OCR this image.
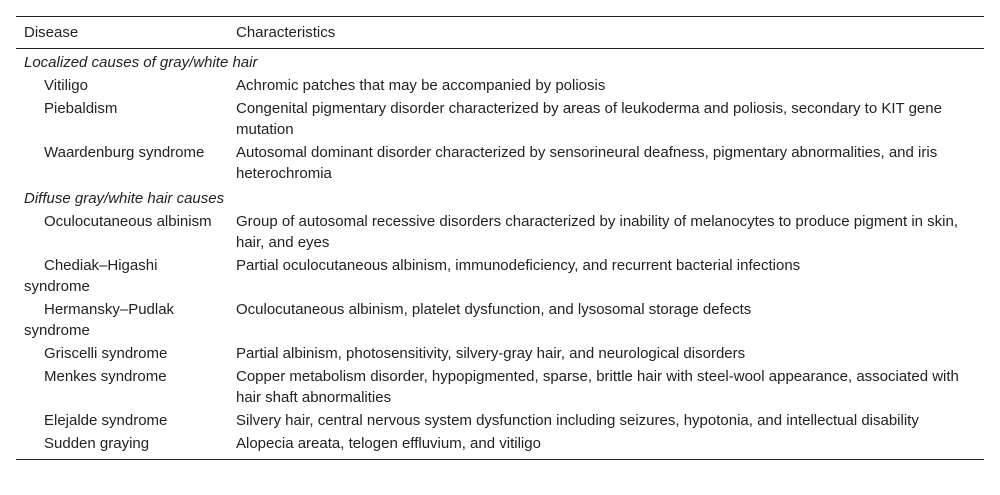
Disease	Characteristics
Localized causes of gray/white hair	
Vitiligo	Achromic patches that may be accompanied by poliosis
Piebaldism	Congenital pigmentary disorder characterized by areas of leukoderma and poliosis, secondary to KIT gene mutation
Waardenburg syndrome	Autosomal dominant disorder characterized by sensorineural deafness, pigmentary abnormalities, and iris heterochromia
Diffuse gray/white hair causes	
Oculocutaneous albinism	Group of autosomal recessive disorders characterized by inability of melanocytes to produce pigment in skin, hair, and eyes
Chediak–Higashi syndrome	Partial oculocutaneous albinism, immunodeficiency, and recurrent bacterial infections
Hermansky–Pudlak syndrome	Oculocutaneous albinism, platelet dysfunction, and lysosomal storage defects
Griscelli syndrome	Partial albinism, photosensitivity, silvery-gray hair, and neurological disorders
Menkes syndrome	Copper metabolism disorder, hypopigmented, sparse, brittle hair with steel-wool appearance, associated with hair shaft abnormalities
Elejalde syndrome	Silvery hair, central nervous system dysfunction including seizures, hypotonia, and intellectual disability
Sudden graying	Alopecia areata, telogen effluvium, and vitiligo
